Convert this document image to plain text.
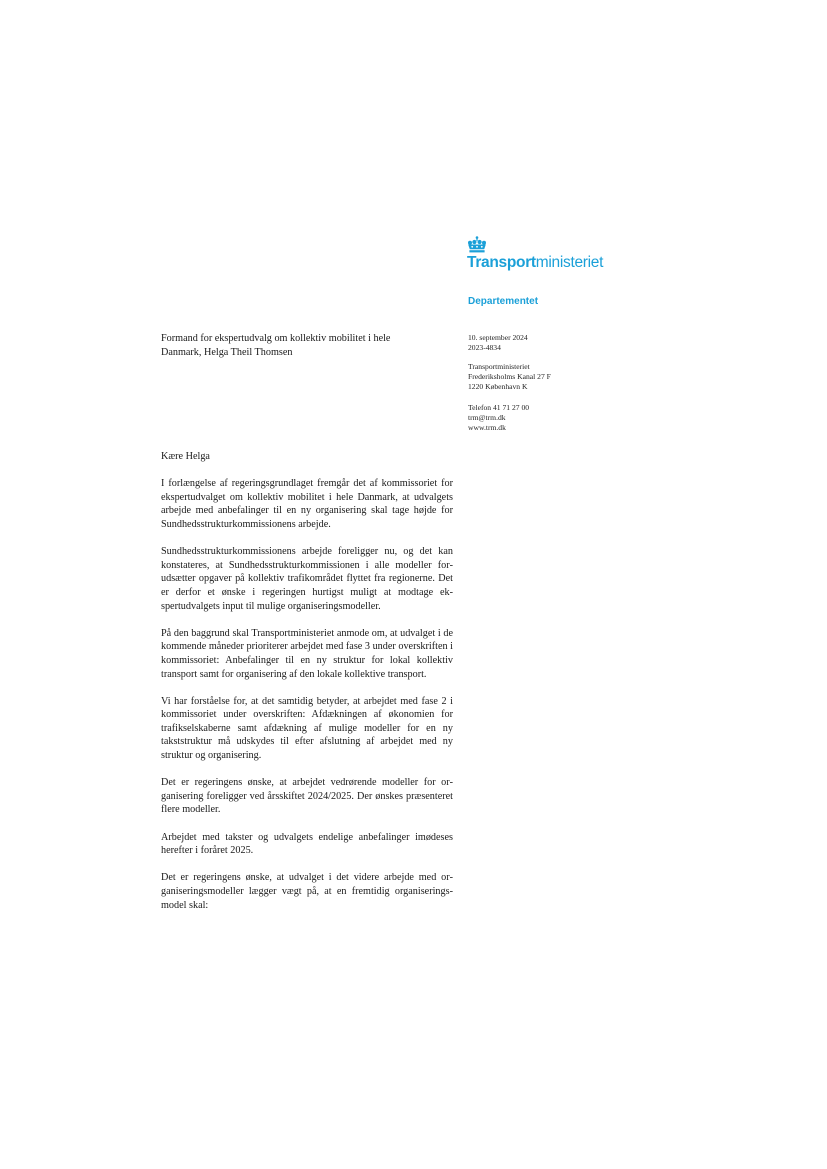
Transportministeriet
Departementet
10. september 2024
2023-4834
Transportministeriet
Frederiksholms Kanal 27 F
1220 København K
Telefon 41 71 27 00
trm@trm.dk
www.trm.dk
Formand for ekspertudvalg om kollektiv mobilitet i hele
Danmark, Helga Theil Thomsen

Kære Helga

I forlængelse af regeringsgrundlaget fremgår det af kommissoriet for ekspertudvalget om kollektiv mobilitet i hele Danmark, at udvalgets arbejde med anbefalinger til en ny organisering skal tage højde for Sundhedsstrukturkommissionens arbejde.

Sundhedsstrukturkommissionens arbejde foreligger nu, og det kan konstateres, at Sundhedsstrukturkommissionen i alle modeller forudsætter opgaver på kollektiv trafikområdet flyttet fra regionerne. Det er derfor et ønske i regeringen hurtigst muligt at modtage ekspertudvalgets input til mulige organiseringsmodeller.

På den baggrund skal Transportministeriet anmode om, at udvalget i de kommende måneder prioriterer arbejdet med fase 3 under overskriften i kommissoriet: Anbefalinger til en ny struktur for lokal kollektiv transport samt for organisering af den lokale kollektive transport.

Vi har forståelse for, at det samtidig betyder, at arbejdet med fase 2 i kommissoriet under overskriften: Afdækningen af økonomien for trafikselskaberne samt afdækning af mulige modeller for en ny takststruktur må udskydes til efter afslutning af arbejdet med ny struktur og organisering.

Det er regeringens ønske, at arbejdet vedrørende modeller for organisering foreligger ved årsskiftet 2024/2025. Der ønskes præsenteret flere modeller.

Arbejdet med takster og udvalgets endelige anbefalinger imødeses herefter i foråret 2025.

Det er regeringens ønske, at udvalget i det videre arbejde med organiseringsmodeller lægger vægt på, at en fremtidig organiseringsmodel skal:
